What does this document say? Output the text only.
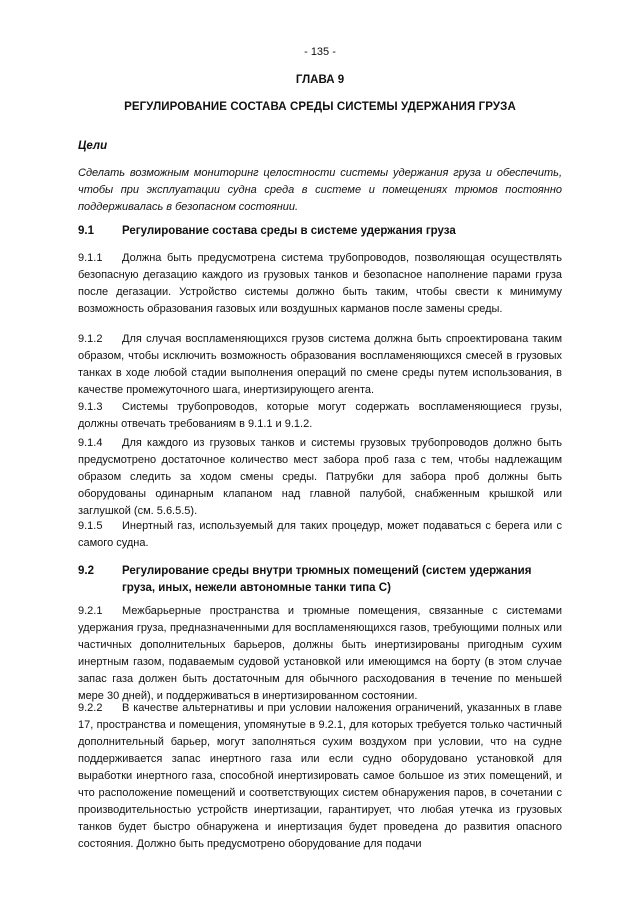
- 135 -
ГЛАВА 9
РЕГУЛИРОВАНИЕ СОСТАВА СРЕДЫ СИСТЕМЫ УДЕРЖАНИЯ ГРУЗА
Цели
Сделать возможным мониторинг целостности системы удержания груза и обеспечить, чтобы при эксплуатации судна среда в системе и помещениях трюмов постоянно поддерживалась в безопасном состоянии.
9.1 Регулирование состава среды в системе удержания груза
9.1.1 Должна быть предусмотрена система трубопроводов, позволяющая осуществлять безопасную дегазацию каждого из грузовых танков и безопасное наполнение парами груза после дегазации. Устройство системы должно быть таким, чтобы свести к минимуму возможность образования газовых или воздушных карманов после замены среды.
9.1.2 Для случая воспламеняющихся грузов система должна быть спроектирована таким образом, чтобы исключить возможность образования воспламеняющихся смесей в грузовых танках в ходе любой стадии выполнения операций по смене среды путем использования, в качестве промежуточного шага, инертизирующего агента.
9.1.3 Системы трубопроводов, которые могут содержать воспламеняющиеся грузы, должны отвечать требованиям в 9.1.1 и 9.1.2.
9.1.4 Для каждого из грузовых танков и системы грузовых трубопроводов должно быть предусмотрено достаточное количество мест забора проб газа с тем, чтобы надлежащим образом следить за ходом смены среды. Патрубки для забора проб должны быть оборудованы одинарным клапаном над главной палубой, снабженным крышкой или заглушкой (см. 5.6.5.5).
9.1.5 Инертный газ, используемый для таких процедур, может подаваться с берега или с самого судна.
9.2 Регулирование среды внутри трюмных помещений (систем удержания груза, иных, нежели автономные танки типа C)
9.2.1 Межбарьерные пространства и трюмные помещения, связанные с системами удержания груза, предназначенными для воспламеняющихся газов, требующими полных или частичных дополнительных барьеров, должны быть инертизированы пригодным сухим инертным газом, подаваемым судовой установкой или имеющимся на борту (в этом случае запас газа должен быть достаточным для обычного расходования в течение по меньшей мере 30 дней), и поддерживаться в инертизированном состоянии.
9.2.2 В качестве альтернативы и при условии наложения ограничений, указанных в главе 17, пространства и помещения, упомянутые в 9.2.1, для которых требуется только частичный дополнительный барьер, могут заполняться сухим воздухом при условии, что на судне поддерживается запас инертного газа или если судно оборудовано установкой для выработки инертного газа, способной инертизировать самое большое из этих помещений, и что расположение помещений и соответствующих систем обнаружения паров, в сочетании с производительностью устройств инертизации, гарантирует, что любая утечка из грузовых танков будет быстро обнаружена и инертизация будет проведена до развития опасного состояния. Должно быть предусмотрено оборудование для подачи
